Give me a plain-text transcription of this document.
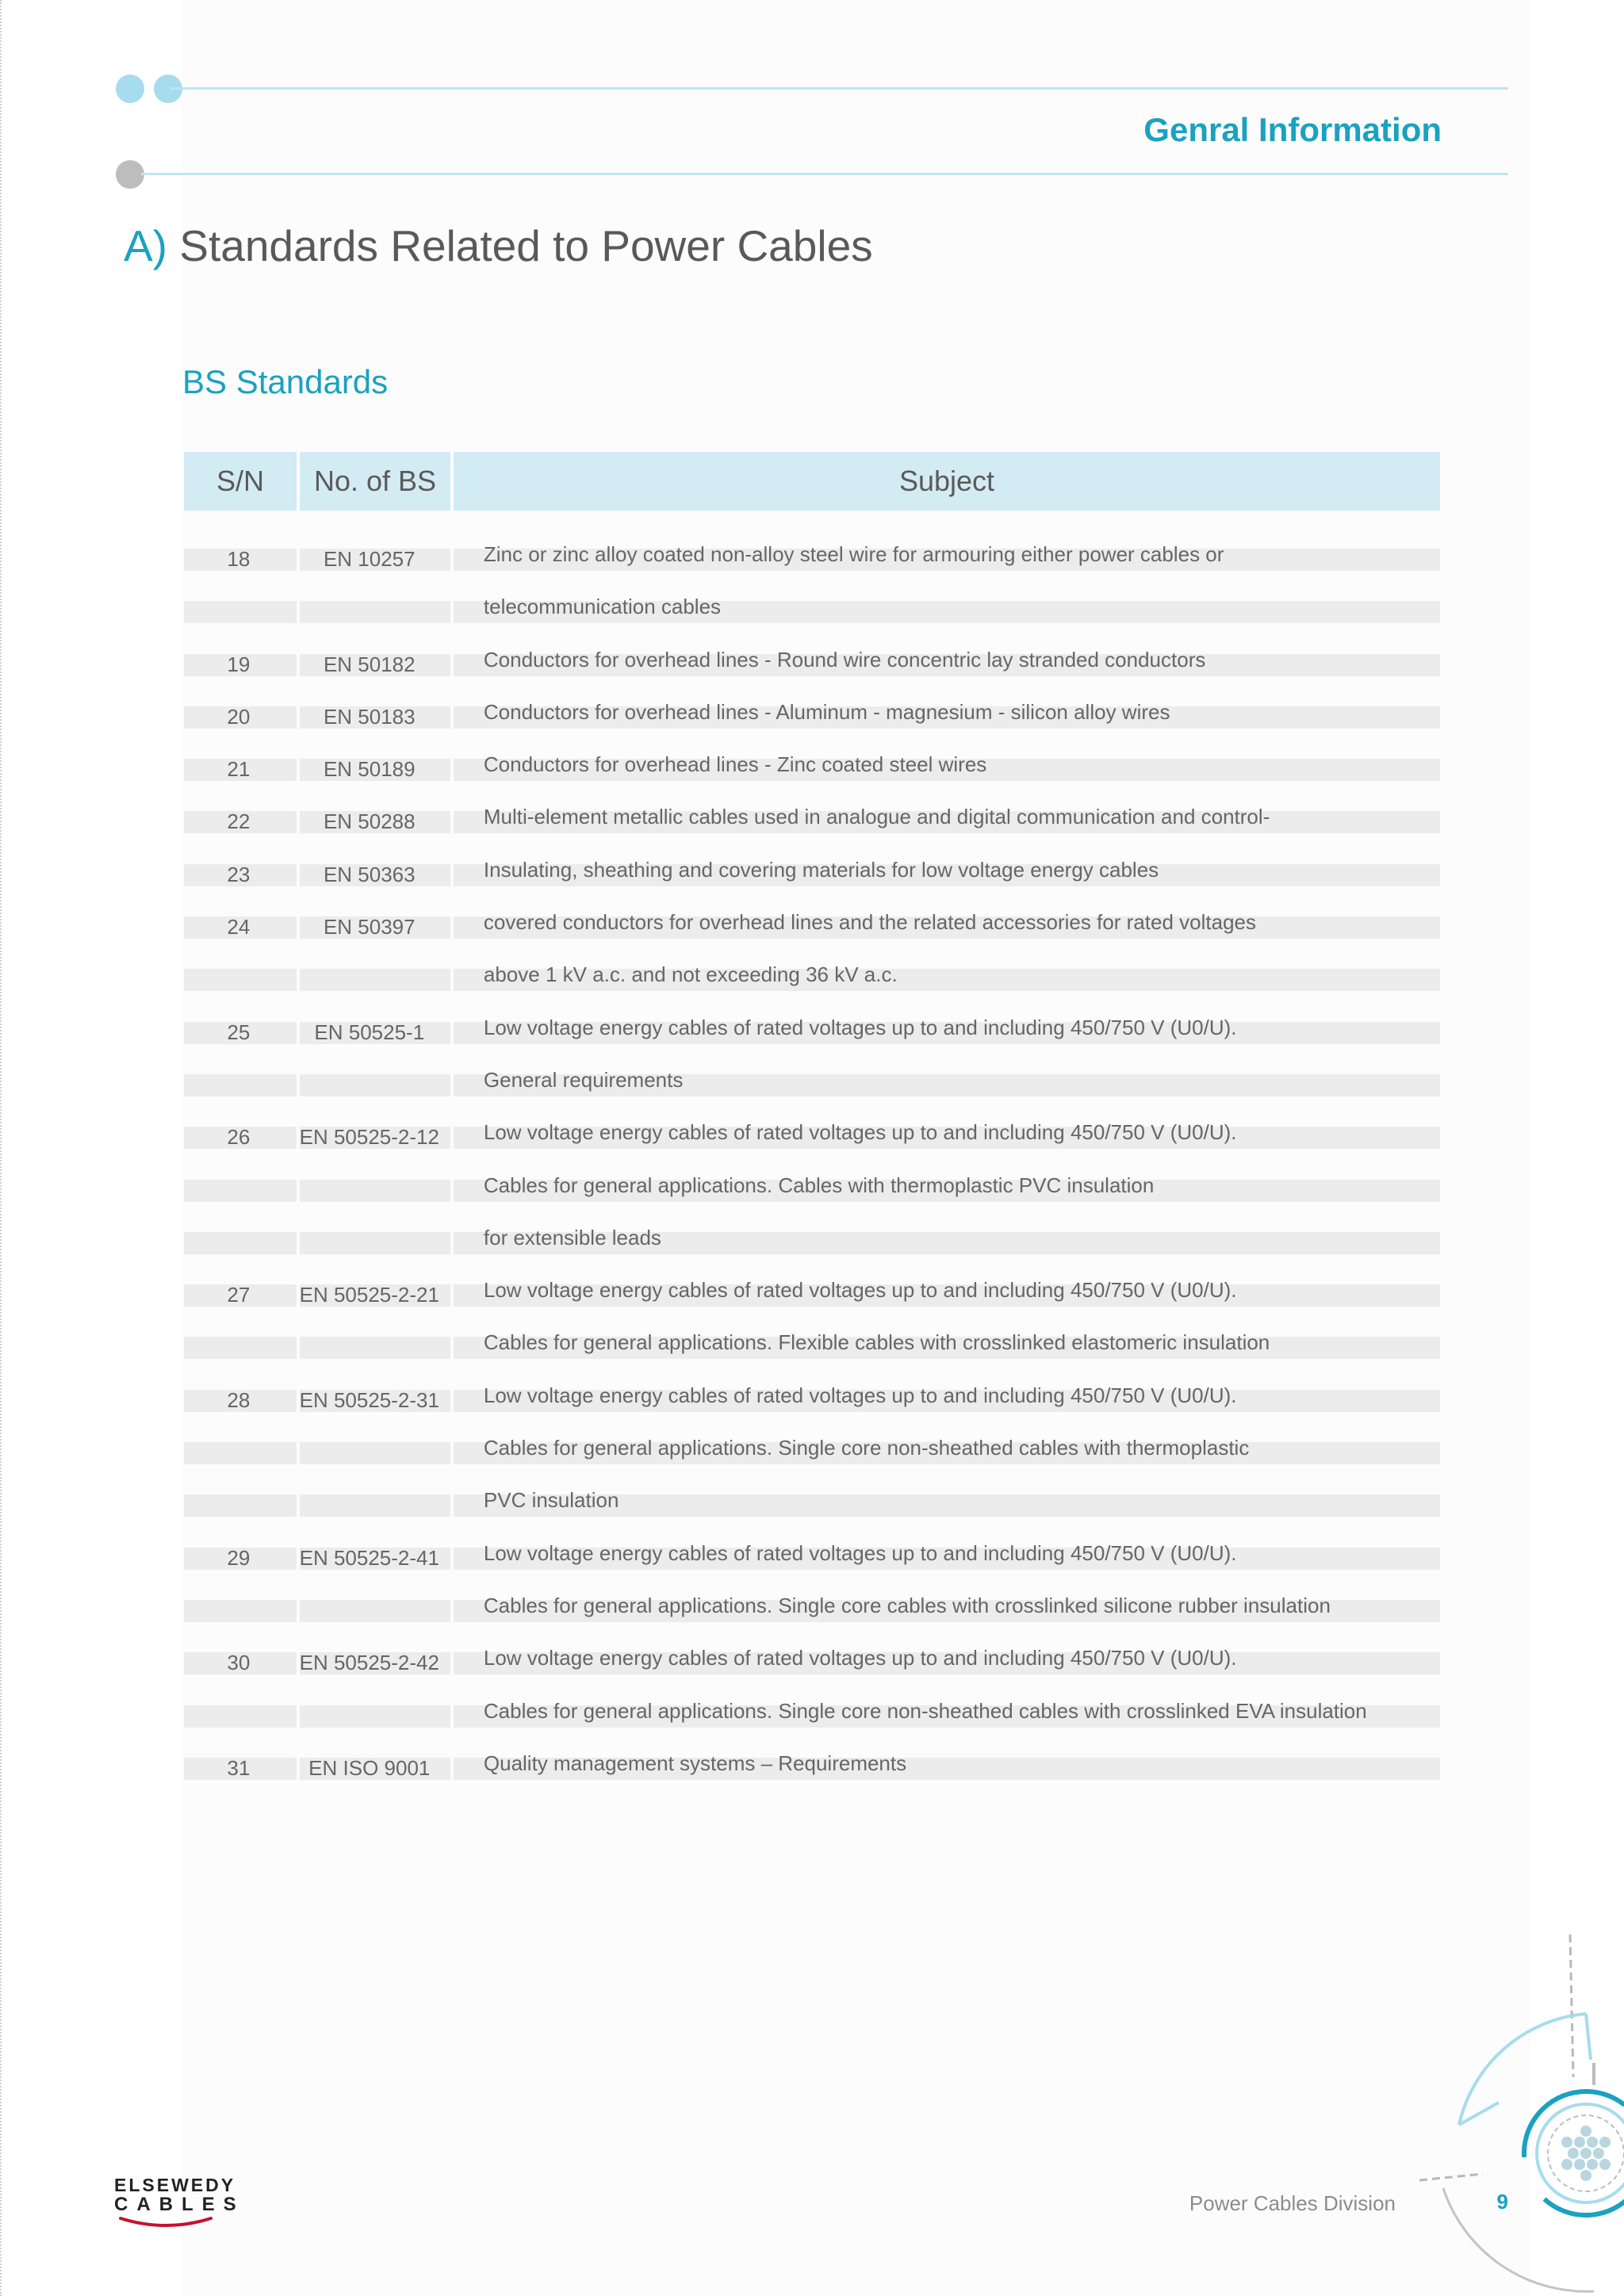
Genral Information
A) Standards Related to Power Cables
BS Standards
S/N	No. of BS	Subject
18	EN 10257	Zinc or zinc alloy coated non-alloy steel wire for armouring either power cables or
telecommunication cables
19	EN 50182	Conductors for overhead lines - Round wire concentric lay stranded conductors
20	EN 50183	Conductors for overhead lines - Aluminum - magnesium - silicon alloy wires
21	EN 50189	Conductors for overhead lines - Zinc coated steel wires
22	EN 50288	Multi-element metallic cables used in analogue and digital communication and control-
23	EN 50363	Insulating, sheathing and covering materials for low voltage energy cables
24	EN 50397	covered conductors for overhead lines and the related accessories for rated voltages
above 1 kV a.c. and not exceeding 36 kV a.c.
25	EN 50525-1	Low voltage energy cables of rated voltages up to and including 450/750 V (U0/U).
General requirements
26	EN 50525-2-12	Low voltage energy cables of rated voltages up to and including 450/750 V (U0/U).
Cables for general applications. Cables with thermoplastic PVC insulation
for extensible leads
27	EN 50525-2-21	Low voltage energy cables of rated voltages up to and including 450/750 V (U0/U).
Cables for general applications. Flexible cables with crosslinked elastomeric insulation
28	EN 50525-2-31	Low voltage energy cables of rated voltages up to and including 450/750 V (U0/U).
Cables for general applications. Single core non-sheathed cables with thermoplastic
PVC insulation
29	EN 50525-2-41	Low voltage energy cables of rated voltages up to and including 450/750 V (U0/U).
Cables for general applications. Single core cables with crosslinked silicone rubber insulation
30	EN 50525-2-42	Low voltage energy cables of rated voltages up to and including 450/750 V (U0/U).
Cables for general applications. Single core non-sheathed cables with crosslinked EVA insulation
31	EN ISO 9001	Quality management systems – Requirements
ELSEWEDY
CABLES	Power Cables Division	9
